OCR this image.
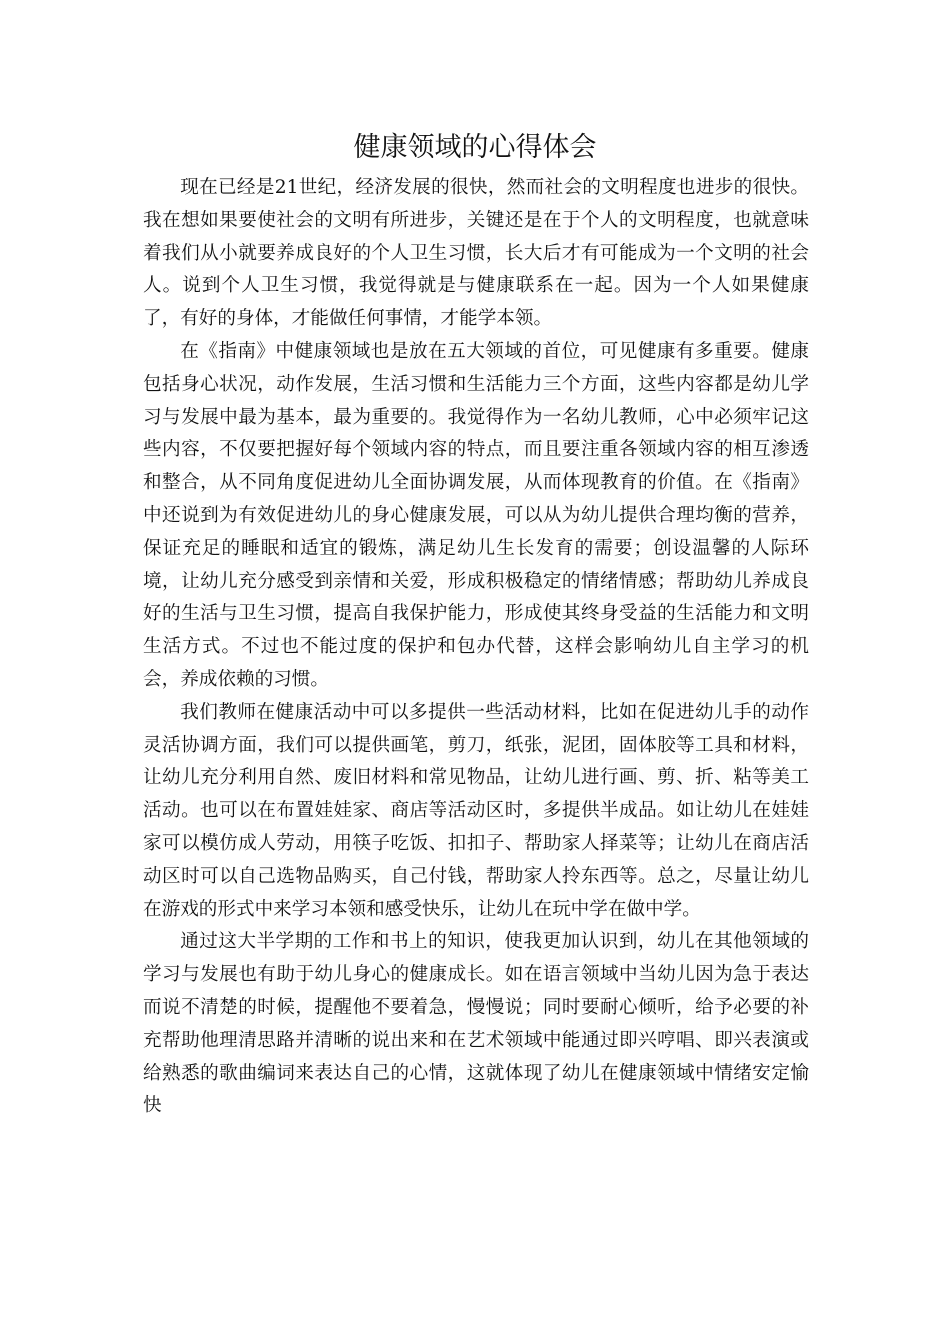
健康领域的心得体会

现在已经是21世纪，经济发展的很快，然而社会的文明程度也进步的很快。我在想如果要使社会的文明有所进步，关键还是在于个人的文明程度，也就意味着我们从小就要养成良好的个人卫生习惯，长大后才有可能成为一个文明的社会人。说到个人卫生习惯，我觉得就是与健康联系在一起。因为一个人如果健康了，有好的身体，才能做任何事情，才能学本领。

在《指南》中健康领域也是放在五大领域的首位，可见健康有多重要。健康包括身心状况，动作发展，生活习惯和生活能力三个方面，这些内容都是幼儿学习与发展中最为基本，最为重要的。我觉得作为一名幼儿教师，心中必须牢记这些内容，不仅要把握好每个领域内容的特点，而且要注重各领域内容的相互渗透和整合，从不同角度促进幼儿全面协调发展，从而体现教育的价值。在《指南》中还说到为有效促进幼儿的身心健康发展，可以从为幼儿提供合理均衡的营养，保证充足的睡眠和适宜的锻炼，满足幼儿生长发育的需要；创设温馨的人际环境，让幼儿充分感受到亲情和关爱，形成积极稳定的情绪情感；帮助幼儿养成良好的生活与卫生习惯，提高自我保护能力，形成使其终身受益的生活能力和文明生活方式。不过也不能过度的保护和包办代替，这样会影响幼儿自主学习的机会，养成依赖的习惯。

我们教师在健康活动中可以多提供一些活动材料，比如在促进幼儿手的动作灵活协调方面，我们可以提供画笔，剪刀，纸张，泥团，固体胶等工具和材料，让幼儿充分利用自然、废旧材料和常见物品，让幼儿进行画、剪、折、粘等美工活动。也可以在布置娃娃家、商店等活动区时，多提供半成品。如让幼儿在娃娃家可以模仿成人劳动，用筷子吃饭、扣扣子、帮助家人择菜等；让幼儿在商店活动区时可以自己选物品购买，自己付钱，帮助家人拎东西等。总之，尽量让幼儿在游戏的形式中来学习本领和感受快乐，让幼儿在玩中学在做中学。

通过这大半学期的工作和书上的知识，使我更加认识到，幼儿在其他领域的学习与发展也有助于幼儿身心的健康成长。如在语言领域中当幼儿因为急于表达而说不清楚的时候，提醒他不要着急，慢慢说；同时要耐心倾听，给予必要的补充帮助他理清思路并清晰的说出来和在艺术领域中能通过即兴哼唱、即兴表演或给熟悉的歌曲编词来表达自己的心情，这就体现了幼儿在健康领域中情绪安定愉快
